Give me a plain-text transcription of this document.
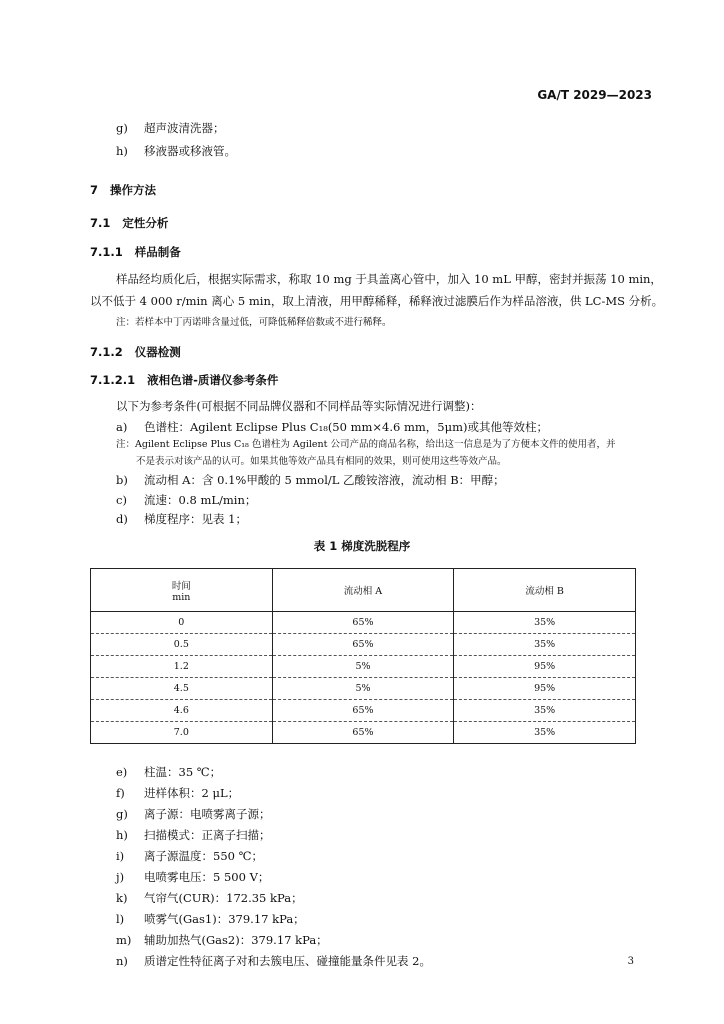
GA/T 2029—2023
g) 超声波清洗器；
h) 移液器或移液管。
7 操作方法
7.1 定性分析
7.1.1 样品制备
样品经均质化后，根据实际需求，称取 10 mg 于具盖离心管中，加入 10 mL 甲醇，密封并振荡 10 min，
以不低于 4 000 r/min 离心 5 min，取上清液，用甲醇稀释，稀释液过滤膜后作为样品溶液，供 LC-MS 分析。
注：若样本中丁丙诺啡含量过低，可降低稀释倍数或不进行稀释。
7.1.2 仪器检测
7.1.2.1 液相色谱-质谱仪参考条件
以下为参考条件(可根据不同品牌仪器和不同样品等实际情况进行调整)：
a) 色谱柱：Agilent Eclipse Plus C₁₈(50 mm×4.6 mm，5μm)或其他等效柱；
注：Agilent Eclipse Plus C₁₈ 色谱柱为 Agilent 公司产品的商品名称，给出这一信息是为了方便本文件的使用者，并
不是表示对该产品的认可。如果其他等效产品具有相同的效果，则可使用这些等效产品。
b) 流动相 A：含 0.1%甲酸的 5 mmol/L 乙酸铵溶液，流动相 B：甲醇；
c) 流速：0.8 mL/min；
d) 梯度程序：见表 1；
表 1 梯度洗脱程序
时间
min	流动相 A	流动相 B
0	65%	35%
0.5	65%	35%
1.2	5%	95%
4.5	5%	95%
4.6	65%	35%
7.0	65%	35%
e) 柱温：35 ℃；
f) 进样体积：2 μL；
g) 离子源：电喷雾离子源；
h) 扫描模式：正离子扫描；
i) 离子源温度：550 ℃；
j) 电喷雾电压：5 500 V；
k) 气帘气(CUR)：172.35 kPa；
l) 喷雾气(Gas1)：379.17 kPa；
m) 辅助加热气(Gas2)：379.17 kPa；
n) 质谱定性特征离子对和去簇电压、碰撞能量条件见表 2。	3
